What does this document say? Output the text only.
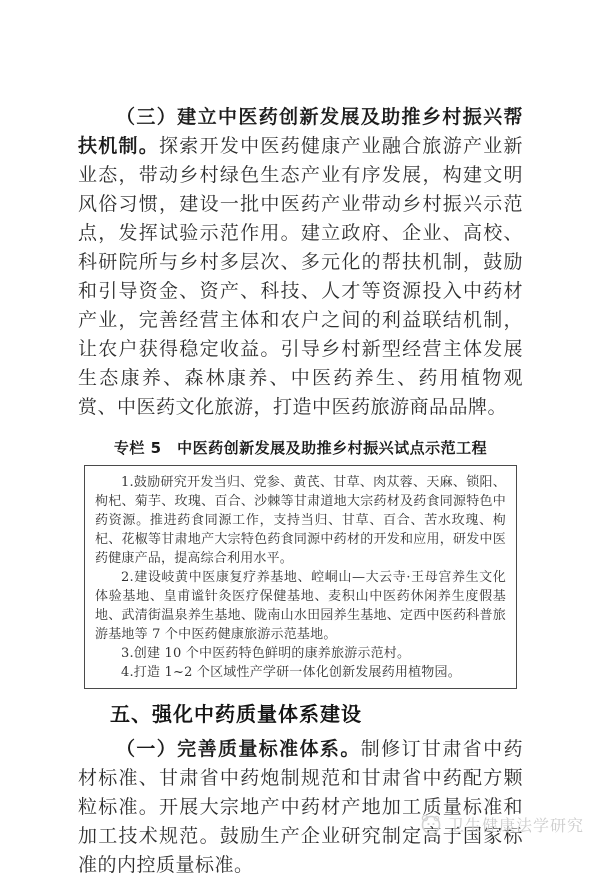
（三）建立中医药创新发展及助推乡村振兴帮扶机制。探索开发中医药健康产业融合旅游产业新业态，带动乡村绿色生态产业有序发展，构建文明风俗习惯，建设一批中医药产业带动乡村振兴示范点，发挥试验示范作用。建立政府、企业、高校、科研院所与乡村多层次、多元化的帮扶机制，鼓励和引导资金、资产、科技、人才等资源投入中药材产业，完善经营主体和农户之间的利益联结机制，让农户获得稳定收益。引导乡村新型经营主体发展生态康养、森林康养、中医药养生、药用植物观赏、中医药文化旅游，打造中医药旅游商品品牌。

专栏 5　中医药创新发展及助推乡村振兴试点示范工程

1.鼓励研究开发当归、党参、黄芪、甘草、肉苁蓉、天麻、锁阳、枸杞、菊芋、玫瑰、百合、沙棘等甘肃道地大宗药材及药食同源特色中药资源。推进药食同源工作，支持当归、甘草、百合、苦水玫瑰、枸杞、花椒等甘肃地产大宗特色药食同源中药材的开发和应用，研发中医药健康产品，提高综合利用水平。

2.建设岐黄中医康复疗养基地、崆峒山—大云寺·王母宫养生文化体验基地、皇甫谧针灸医疗保健基地、麦积山中医药休闲养生度假基地、武清街温泉养生基地、陇南山水田园养生基地、定西中医药科普旅游基地等 7 个中医药健康旅游示范基地。

3.创建 10 个中医药特色鲜明的康养旅游示范村。

4.打造 1~2 个区域性产学研一体化创新发展药用植物园。

五、强化中药质量体系建设

（一）完善质量标准体系。制修订甘肃省中药材标准、甘肃省中药炮制规范和甘肃省中药配方颗粒标准。开展大宗地产中药材产地加工质量标准和加工技术规范。鼓励生产企业研究制定高于国家标准的内控质量标准。

卫生健康法学研究
